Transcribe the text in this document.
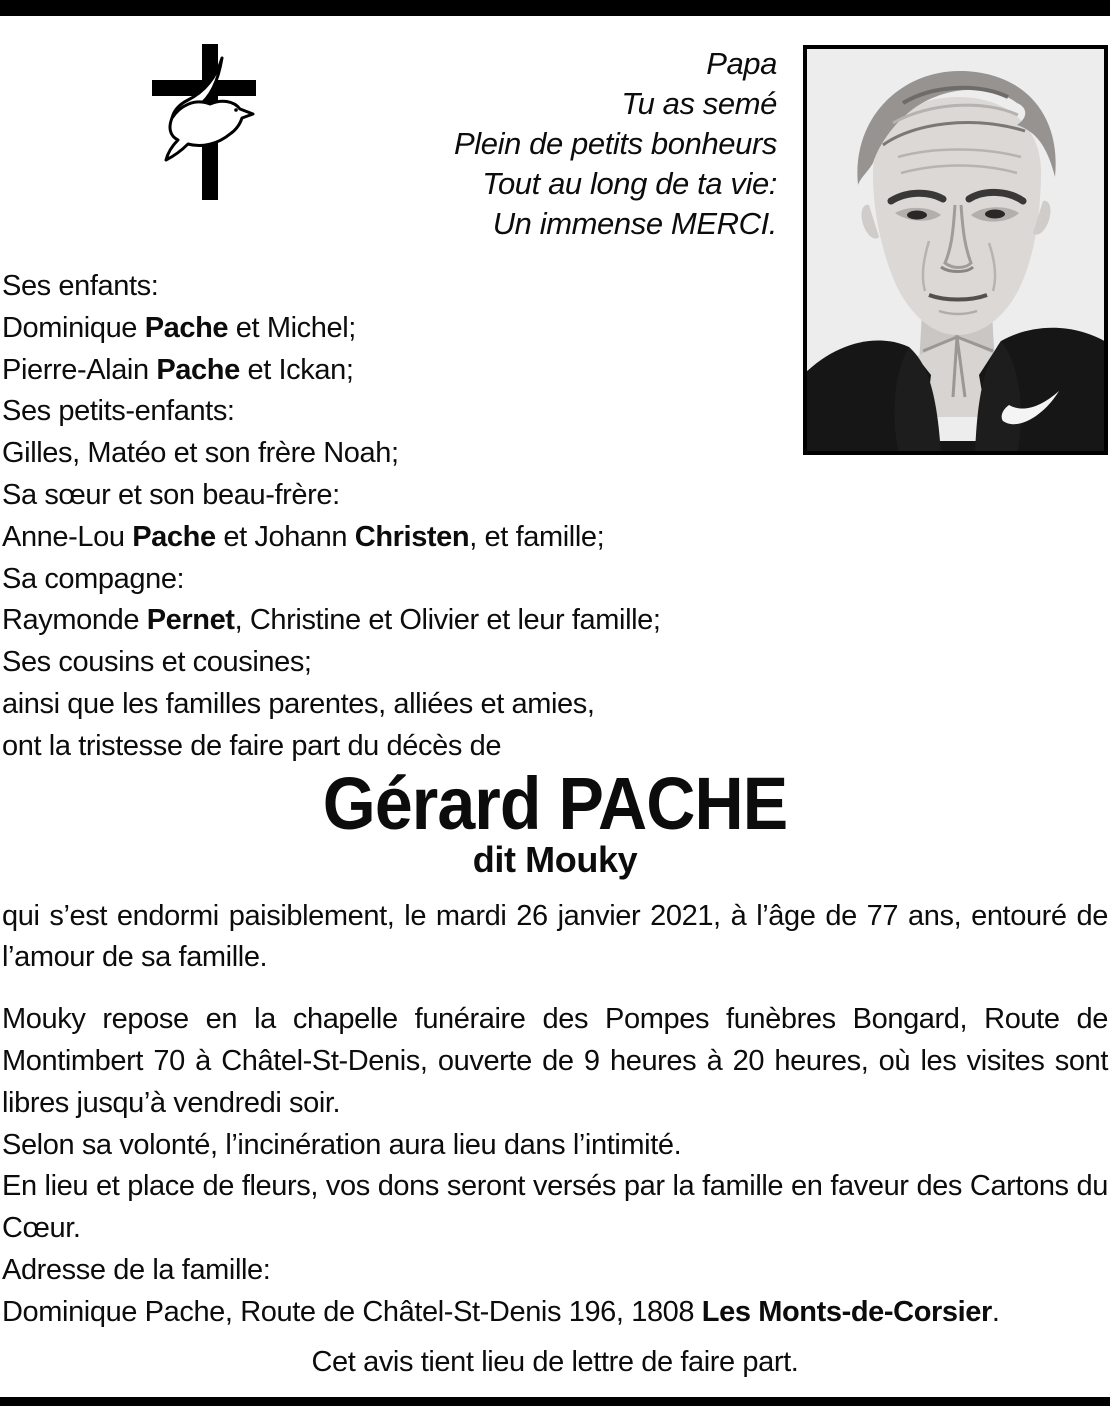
Papa
Tu as semé
Plein de petits bonheurs
Tout au long de ta vie:
Un immense MERCI.
Ses enfants:
Dominique Pache et Michel;
Pierre-Alain Pache et Ickan;
Ses petits-enfants:
Gilles, Matéo et son frère Noah;
Sa sœur et son beau-frère:
Anne-Lou Pache et Johann Christen, et famille;
Sa compagne:
Raymonde Pernet, Christine et Olivier et leur famille;
Ses cousins et cousines;
ainsi que les familles parentes, alliées et amies,
ont la tristesse de faire part du décès de
Gérard PACHE
dit Mouky

qui s’est endormi paisiblement, le mardi 26 janvier 2021, à l’âge de 77 ans, entouré de l’amour de sa famille.

Mouky repose en la chapelle funéraire des Pompes funèbres Bongard, Route de Montimbert 70 à Châtel-St-Denis, ouverte de 9 heures à 20 heures, où les visites sont libres jusqu’à vendredi soir.

Selon sa volonté, l’incinération aura lieu dans l’intimité.

En lieu et place de fleurs, vos dons seront versés par la famille en faveur des Cartons du Cœur.

Adresse de la famille:

Dominique Pache, Route de Châtel-St-Denis 196, 1808 Les Monts-de-Corsier.

Cet avis tient lieu de lettre de faire part.
